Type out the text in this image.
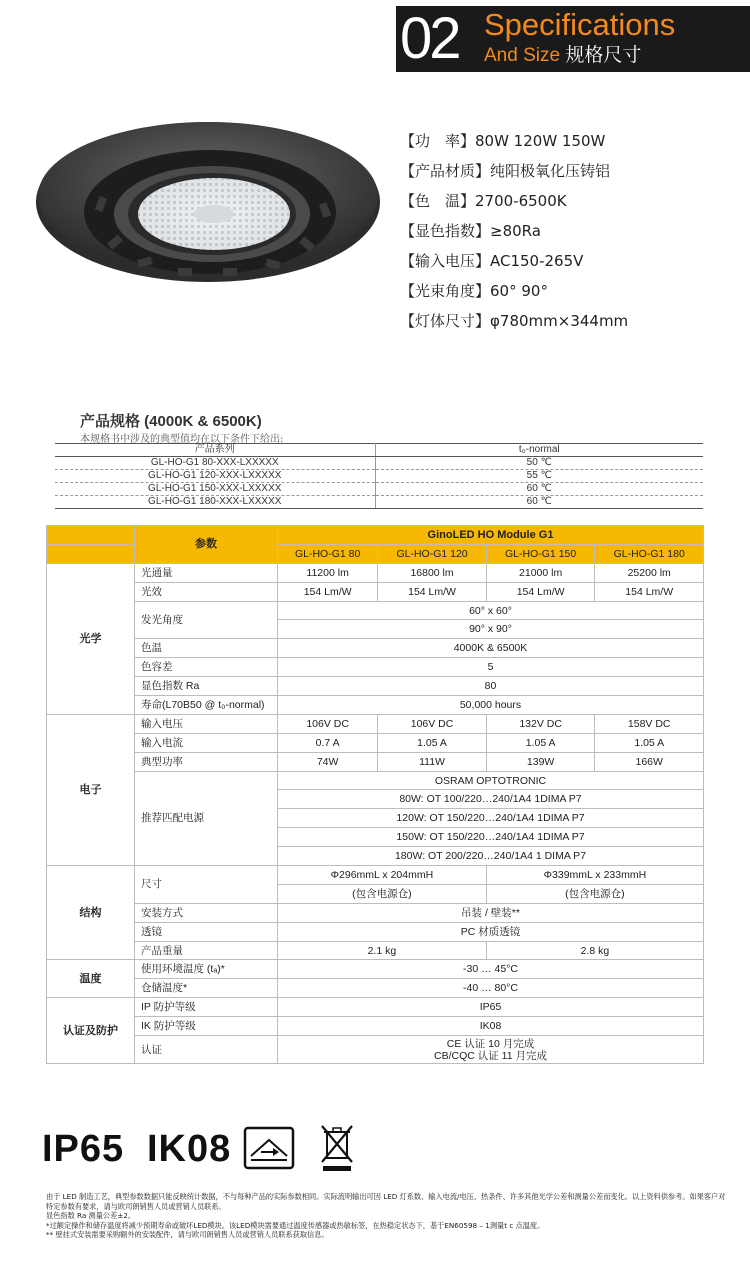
02 Specifications
And Size 规格尺寸
【功　率】80W 120W 150W
【产品材质】纯阳极氧化压铸铝
【色　温】2700-6500K
【显色指数】≥80Ra
【输入电压】AC150-265V
【光束角度】60° 90°
【灯体尺寸】φ780mm×344mm
产品规格 (4000K & 6500K)
本规格书中涉及的典型值均在以下条件下给出:
产品系列	t₀-normal
GL-HO-G1 80-XXX-LXXXXX	50 ℃
GL-HO-G1 120-XXX-LXXXXX	55 ℃
GL-HO-G1 150-XXX-LXXXXX	60 ℃
GL-HO-G1 180-XXX-LXXXXX	60 ℃
	参数	GinoLED HO Module G1			
		GL-HO-G1 80	GL-HO-G1 120	GL-HO-G1 150	GL-HO-G1 180
光学	光通量	11200 lm	16800 lm	21000 lm	25200 lm
	光效	154 Lm/W	154 Lm/W	154 Lm/W	154 Lm/W
	发光角度	60° x 60°			
		90° x 90°			
	色温	4000K & 6500K			
	色容差	5			
	显色指数 Ra	80			
	寿命(L70B50 @ t₀-normal)	50,000 hours			
电子	输入电压	106V DC	106V DC	132V DC	158V DC
	输入电流	0.7 A	1.05 A	1.05 A	1.05 A
	典型功率	74W	111W	139W	166W
	推荐匹配电源	OSRAM OPTOTRONIC			
		80W: OT 100/220…240/1A4 1DIMA P7			
		120W: OT 150/220…240/1A4 1DIMA P7			
		150W: OT 150/220…240/1A4 1DIMA P7			
		180W: OT 200/220…240/1A4 1 DIMA P7			
结构	尺寸	Φ296mmL x 204mmH		Φ339mmL x 233mmH	
		(包含电源仓)		(包含电源仓)	
	安装方式	吊装 / 壁装**			
	透镜	PC 材质透镜			
	产品重量	2.1 kg		2.8 kg	
温度	使用环境温度 (tₐ)*	-30 … 45°C			
	仓储温度*	-40 … 80°C			
认证及防护	IP 防护等级	IP65			
	IK 防护等级	IK08			
	认证	CE 认证 10 月完成
CB/CQC 认证 11 月完成			
IP65 IK08
由于 LED 制造工艺，典型参数数据只能反映统计数据，不与每种产品的实际参数相同。实际流明输出可因 LED 灯系数、输入电流/电压、热条件、许多其他光学公差和测量公差而变化。以上资料供参考。如果客户对特定参数有要求，请与欧司朗销售人员或营销人员联系。
显色指数 Ra 测量公差±2。
*过额定操作和储存温度将减少预期寿命或破坏LED模块。该LED模块需要通过温度传感器或热敏标签，在热稳定状态下，基于EN60598 – 1测量t c 点温度。
** 壁挂式安装需要采购额外的安装配件，请与欧司朗销售人员或营销人员联系获取信息。
